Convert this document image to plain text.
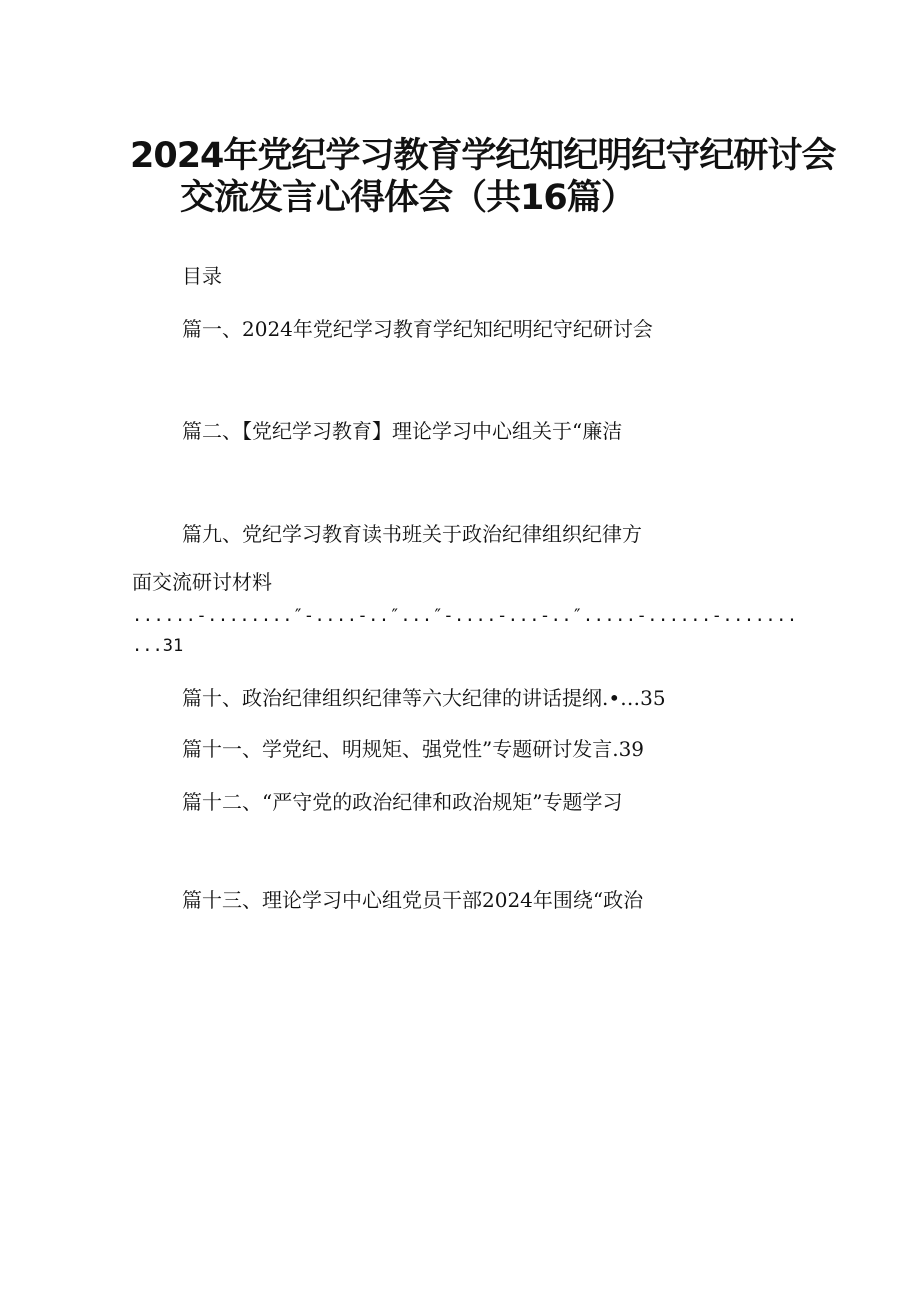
2024年党纪学习教育学纪知纪明纪守纪研讨会
交流发言心得体会（共16篇）
目录
篇一、2024年党纪学习教育学纪知纪明纪守纪研讨会
篇二、【党纪学习教育】理论学习中心组关于“廉洁
篇九、党纪学习教育读书班关于政治纪律组织纪律方
面交流研讨材料
......-........″-....-..″...″-....-...-..″.....-......-.......
...31
篇十、政治纪律组织纪律等六大纪律的讲话提纲.•…35
篇十一、学党纪、明规矩、强党性”专题研讨发言.39
篇十二、“严守党的政治纪律和政治规矩”专题学习
篇十三、理论学习中心组党员干部2024年围绕“政治
